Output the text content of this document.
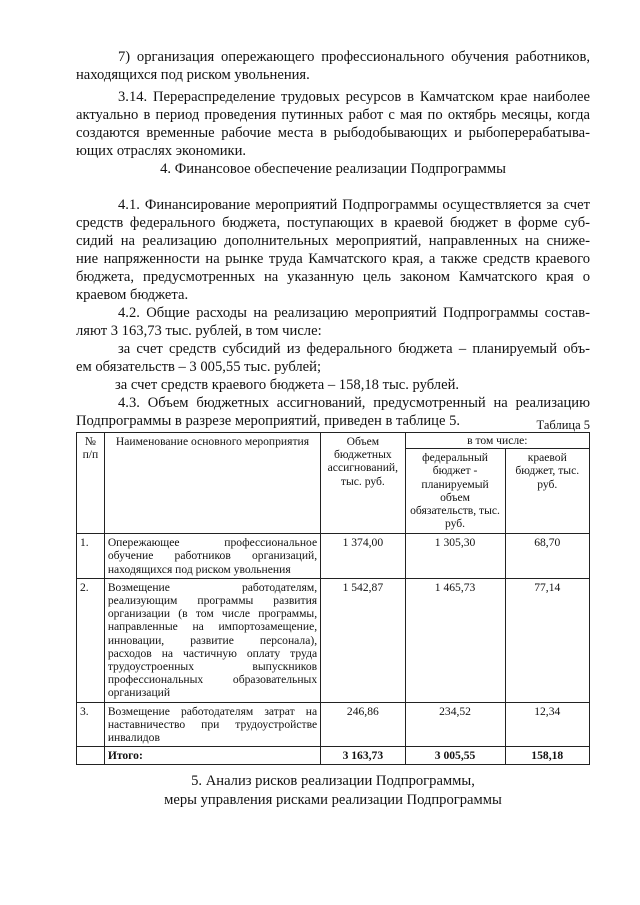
7) организация опережающего профессионального обучения работников,
находящихся под риском увольнения.
3.14. Перераспределение трудовых ресурсов в Камчатском крае наиболее
актуально в период проведения путинных работ с мая по октябрь месяцы, когда
создаются временные рабочие места в рыбодобывающих и рыбоперерабатыва-
ющих отраслях экономики.
4. Финансовое обеспечение реализации Подпрограммы
4.1. Финансирование мероприятий Подпрограммы осуществляется за счет
средств федерального бюджета, поступающих в краевой бюджет в форме суб-
сидий на реализацию дополнительных мероприятий, направленных на сниже-
ние напряженности на рынке труда Камчатского края, а также средств краевого
бюджета, предусмотренных на указанную цель законом Камчатского края о
краевом бюджета.
4.2. Общие расходы на реализацию мероприятий Подпрограммы состав-
ляют 3 163,73 тыс. рублей, в том числе:
за счет средств субсидий из федерального бюджета – планируемый объ-
ем обязательств – 3 005,55 тыс. рублей;
за счет средств краевого бюджета – 158,18 тыс. рублей.
4.3. Объем бюджетных ассигнований, предусмотренный на реализацию
Подпрограммы в разрезе мероприятий, приведен в таблице 5.	Таблица 5
№ п/п	Наименование основного мероприятия	Объем бюджетных ассигнований, тыс. руб.	в том числе:	
			федеральный бюджет - планируемый объем обязательств, тыс. руб.	краевой бюджет, тыс. руб.
1.	Опережающее профессиональное обучение работников организаций, находящихся под риском увольнения	1 374,00	1 305,30	68,70
2.	Возмещение работодателям, реализующим программы развития организации (в том числе программы, направленные на импортозамещение, инновации, развитие персонала), расходов на частичную оплату труда трудоустроенных выпускников профессиональных образовательных организаций	1 542,87	1 465,73	77,14
3.	Возмещение работодателям затрат на наставничество при трудоустройстве инвалидов	246,86	234,52	12,34
	Итого:	3 163,73	3 005,55	158,18
5. Анализ рисков реализации Подпрограммы,
меры управления рисками реализации Подпрограммы
